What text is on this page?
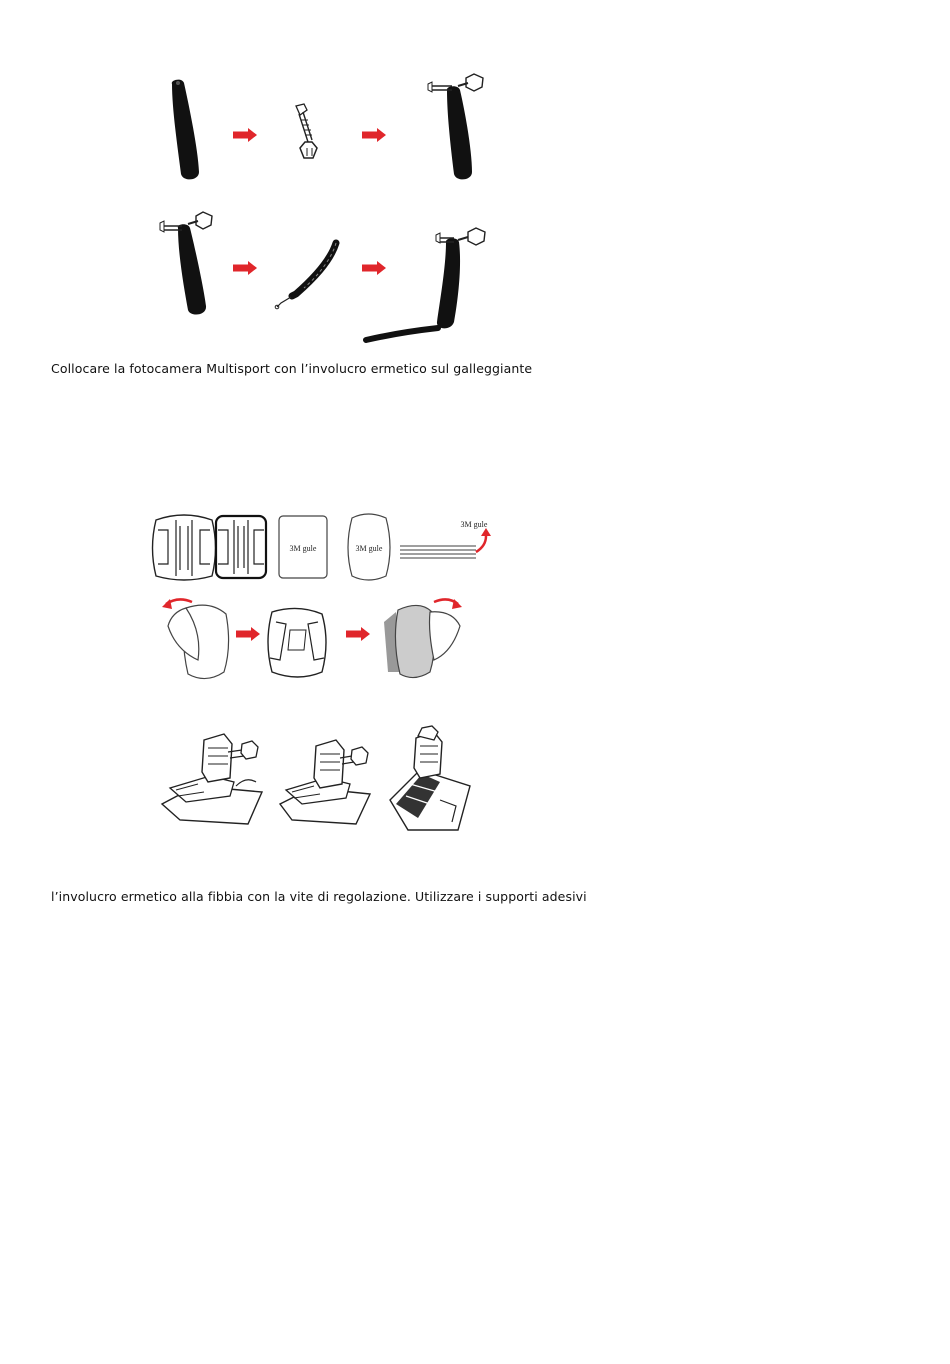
3M gule	3M gule
3M gule
Collocare la fotocamera Multisport con l’involucro ermetico sul galleggiante
l’involucro ermetico alla fibbia con la vite di regolazione. Utilizzare i supporti adesivi
